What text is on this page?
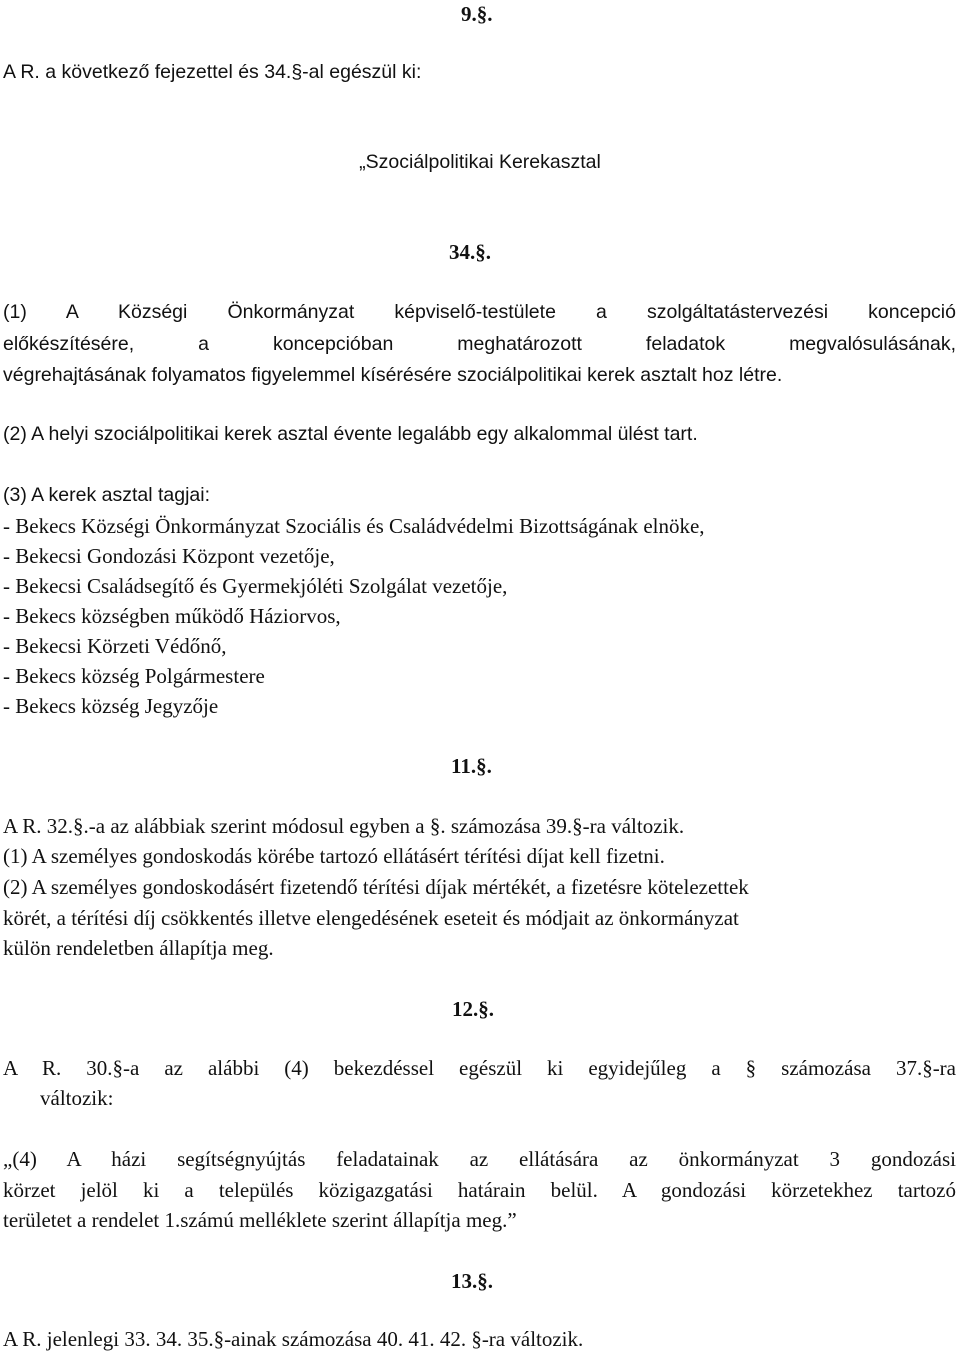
9.§.
A R. a következő fejezettel és 34.§-al egészül ki:
„Szociálpolitikai Kerekasztal
34.§.
(1) A Községi Önkormányzat képviselő-testülete a szolgáltatástervezési koncepció
előkészítésére, a koncepcióban meghatározott feladatok megvalósulásának,
végrehajtásának folyamatos figyelemmel kísérésére szociálpolitikai kerek asztalt hoz létre.
(2) A helyi szociálpolitikai kerek asztal évente legalább egy alkalommal ülést tart.
(3) A kerek asztal tagjai:
- Bekecs Községi Önkormányzat Szociális és Családvédelmi Bizottságának elnöke,
- Bekecsi Gondozási Központ vezetője,
- Bekecsi Családsegítő és Gyermekjóléti Szolgálat vezetője,
- Bekecs községben működő Háziorvos,
- Bekecsi Körzeti Védőnő,
- Bekecs község Polgármestere
- Bekecs község Jegyzője
11.§.
A R. 32.§.-a az alábbiak szerint módosul egyben a §. számozása 39.§-ra változik.
(1) A személyes gondoskodás körébe tartozó ellátásért térítési díjat kell fizetni.
(2) A személyes gondoskodásért fizetendő térítési díjak mértékét, a fizetésre kötelezettek
körét, a térítési díj csökkentés illetve elengedésének eseteit és módjait az önkormányzat
külön rendeletben állapítja meg.
12.§.
A R. 30.§-a az alábbi (4) bekezdéssel egészül ki egyidejűleg a § számozása 37.§-ra
változik:
„(4) A házi segítségnyújtás feladatainak az ellátására az önkormányzat 3 gondozási
körzet jelöl ki a település közigazgatási határain belül. A gondozási körzetekhez tartozó
területet a rendelet 1.számú melléklete szerint állapítja meg.”
13.§.
A R. jelenlegi 33. 34. 35.§-ainak számozása 40. 41. 42. §-ra változik.
